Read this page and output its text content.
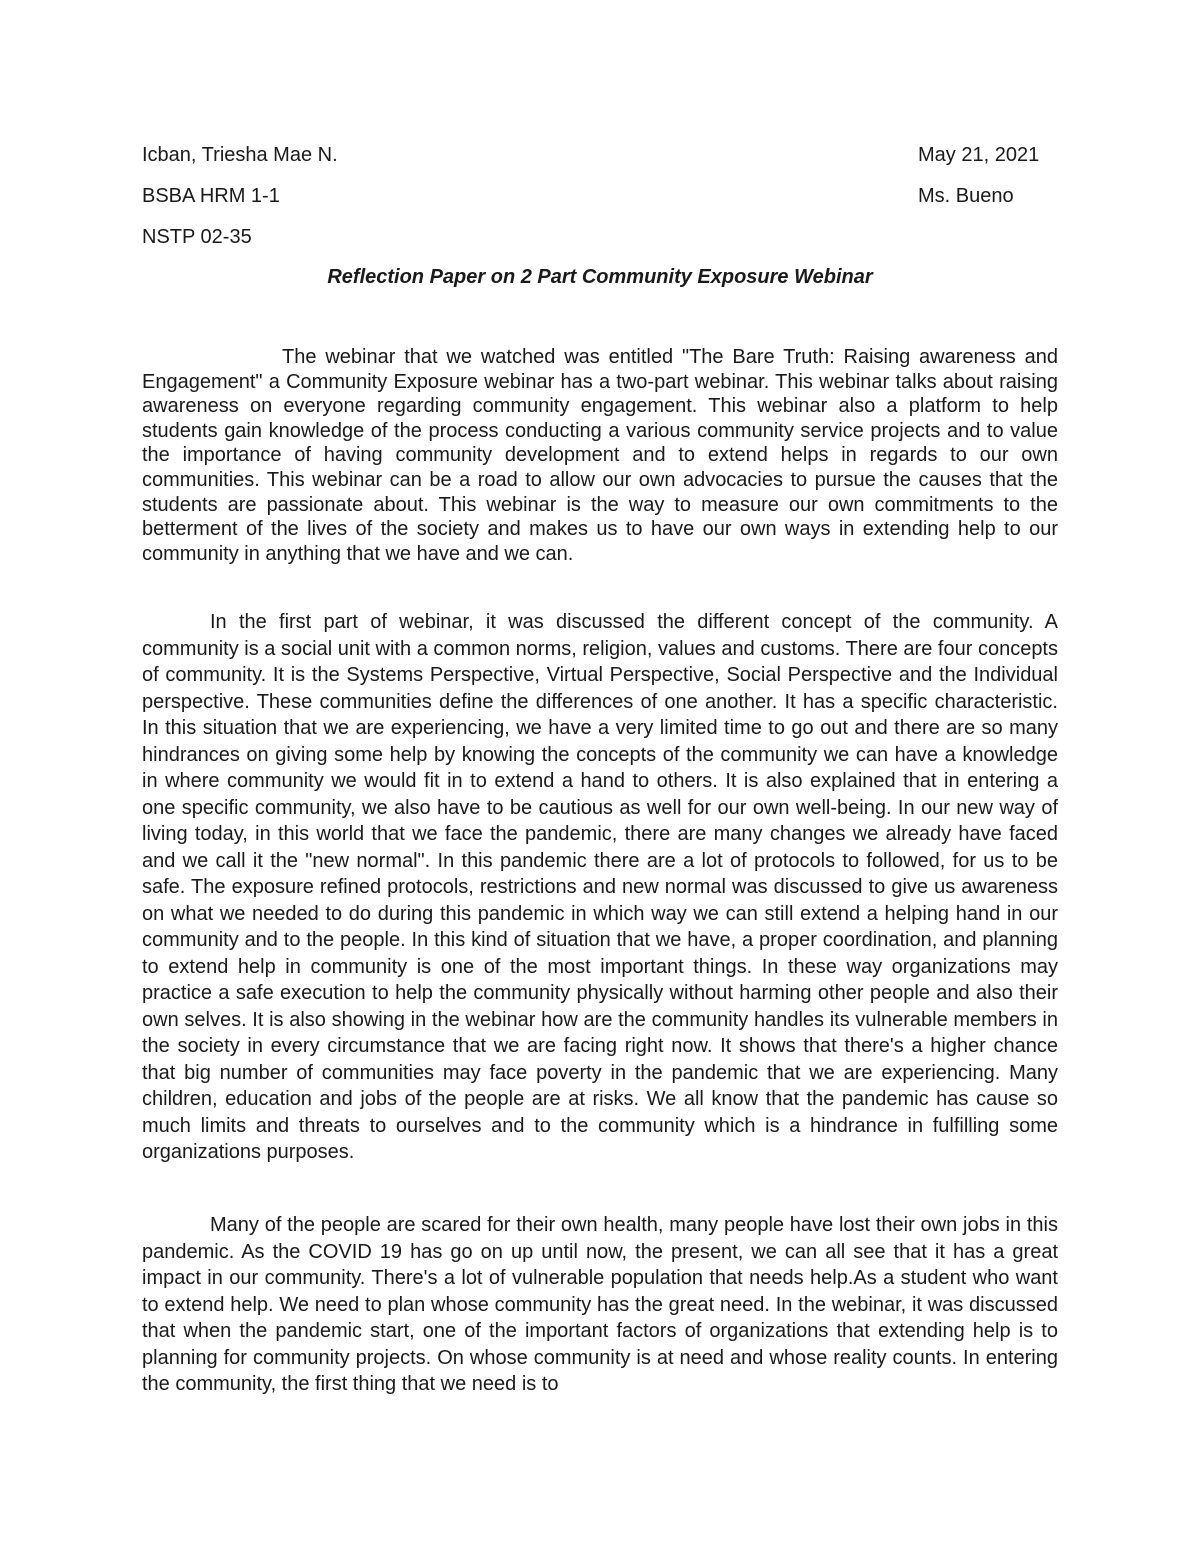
Icban, Triesha Mae N.	May 21, 2021
BSBA HRM 1-1	Ms. Bueno
NSTP 02-35
Reflection Paper on 2 Part Community Exposure Webinar

The webinar that we watched was entitled "The Bare Truth: Raising awareness and Engagement" a Community Exposure webinar has a two-part webinar. This webinar talks about raising awareness on everyone regarding community engagement. This webinar also a platform to help students gain knowledge of the process conducting a various community service projects and to value the importance of having community development and to extend helps in regards to our own communities. This webinar can be a road to allow our own advocacies to pursue the causes that the students are passionate about. This webinar is the way to measure our own commitments to the betterment of the lives of the society and makes us to have our own ways in extending help to our community in anything that we have and we can.

In the first part of webinar, it was discussed the different concept of the community. A community is a social unit with a common norms, religion, values and customs. There are four concepts of community. It is the Systems Perspective, Virtual Perspective, Social Perspective and the Individual perspective. These communities define the differences of one another. It has a specific characteristic. In this situation that we are experiencing, we have a very limited time to go out and there are so many hindrances on giving some help by knowing the concepts of the community we can have a knowledge in where community we would fit in to extend a hand to others. It is also explained that in entering a one specific community, we also have to be cautious as well for our own well-being. In our new way of living today, in this world that we face the pandemic, there are many changes we already have faced and we call it the "new normal". In this pandemic there are a lot of protocols to followed, for us to be safe. The exposure refined protocols, restrictions and new normal was discussed to give us awareness on what we needed to do during this pandemic in which way we can still extend a helping hand in our community and to the people. In this kind of situation that we have, a proper coordination, and planning to extend help in community is one of the most important things. In these way organizations may practice a safe execution to help the community physically without harming other people and also their own selves. It is also showing in the webinar how are the community handles its vulnerable members in the society in every circumstance that we are facing right now. It shows that there's a higher chance that big number of communities may face poverty in the pandemic that we are experiencing. Many children, education and jobs of the people are at risks. We all know that the pandemic has cause so much limits and threats to ourselves and to the community which is a hindrance in fulfilling some organizations purposes.

Many of the people are scared for their own health, many people have lost their own jobs in this pandemic. As the COVID 19 has go on up until now, the present, we can all see that it has a great impact in our community. There's a lot of vulnerable population that needs help.As a student who want to extend help. We need to plan whose community has the great need. In the webinar, it was discussed that when the pandemic start, one of the important factors of organizations that extending help is to planning for community projects. On whose community is at need and whose reality counts. In entering the community, the first thing that we need is to
